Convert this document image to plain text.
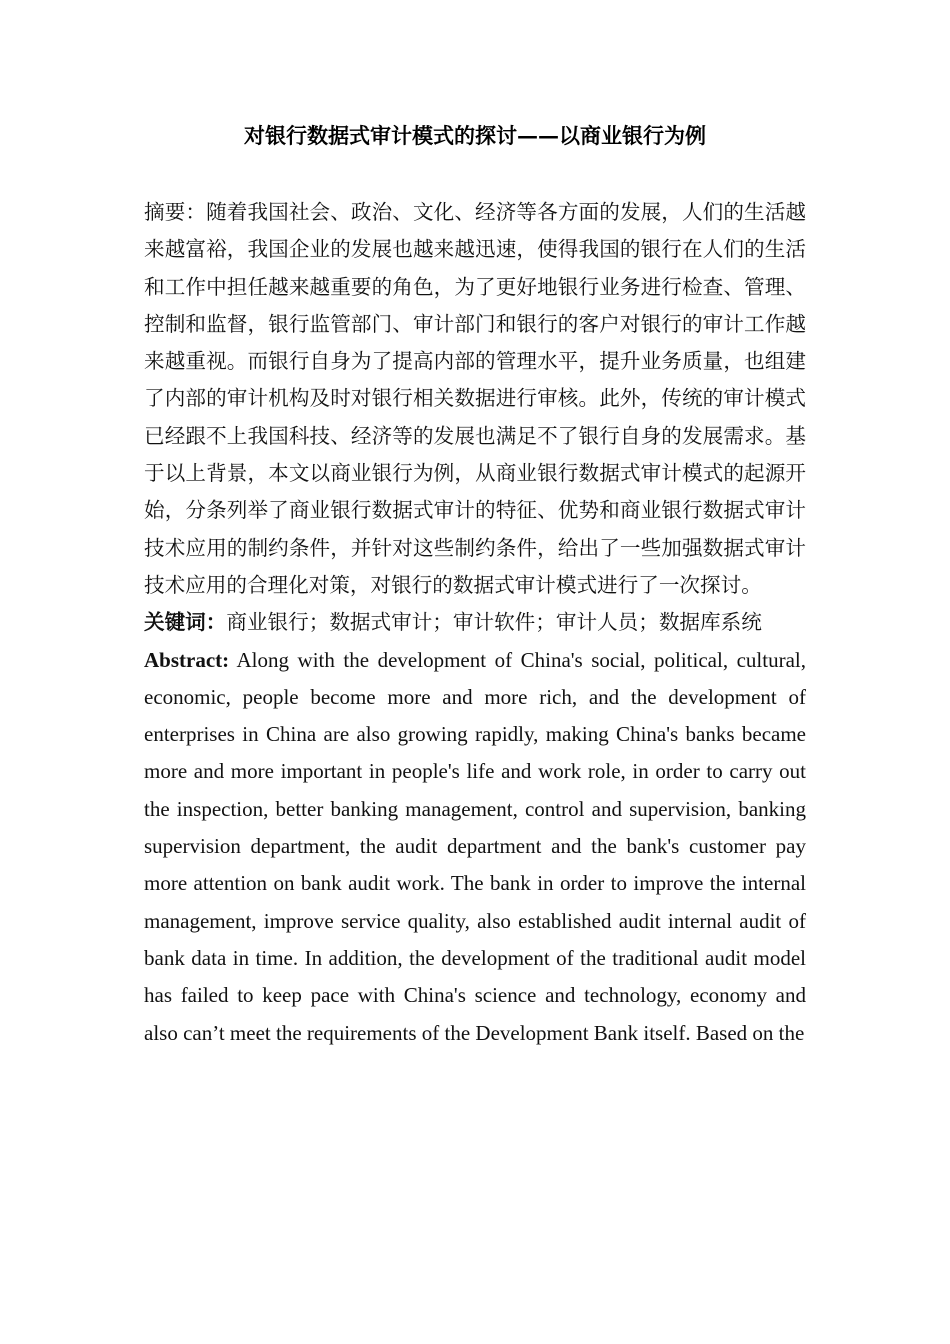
对银行数据式审计模式的探讨——以商业银行为例

摘要：随着我国社会、政治、文化、经济等各方面的发展，人们的生活越来越富裕，我国企业的发展也越来越迅速，使得我国的银行在人们的生活和工作中担任越来越重要的角色，为了更好地银行业务进行检查、管理、控制和监督，银行监管部门、审计部门和银行的客户对银行的审计工作越来越重视。而银行自身为了提高内部的管理水平，提升业务质量，也组建了内部的审计机构及时对银行相关数据进行审核。此外，传统的审计模式已经跟不上我国科技、经济等的发展也满足不了银行自身的发展需求。基于以上背景，本文以商业银行为例，从商业银行数据式审计模式的起源开始，分条列举了商业银行数据式审计的特征、优势和商业银行数据式审计技术应用的制约条件，并针对这些制约条件，给出了一些加强数据式审计技术应用的合理化对策，对银行的数据式审计模式进行了一次探讨。

关键词：商业银行；数据式审计；审计软件；审计人员；数据库系统

Abstract: Along with the development of China's social, political, cultural, economic, people become more and more rich, and the development of enterprises in China are also growing rapidly, making China's banks became more and more important in people's life and work role, in order to carry out the inspection, better banking management, control and supervision, banking supervision department, the audit department and the bank's customer pay more attention on bank audit work. The bank in order to improve the internal management, improve service quality, also established audit internal audit of bank data in time. In addition, the development of the traditional audit model has failed to keep pace with China's science and technology, economy and also can’t meet the requirements of the Development Bank itself. Based on the
